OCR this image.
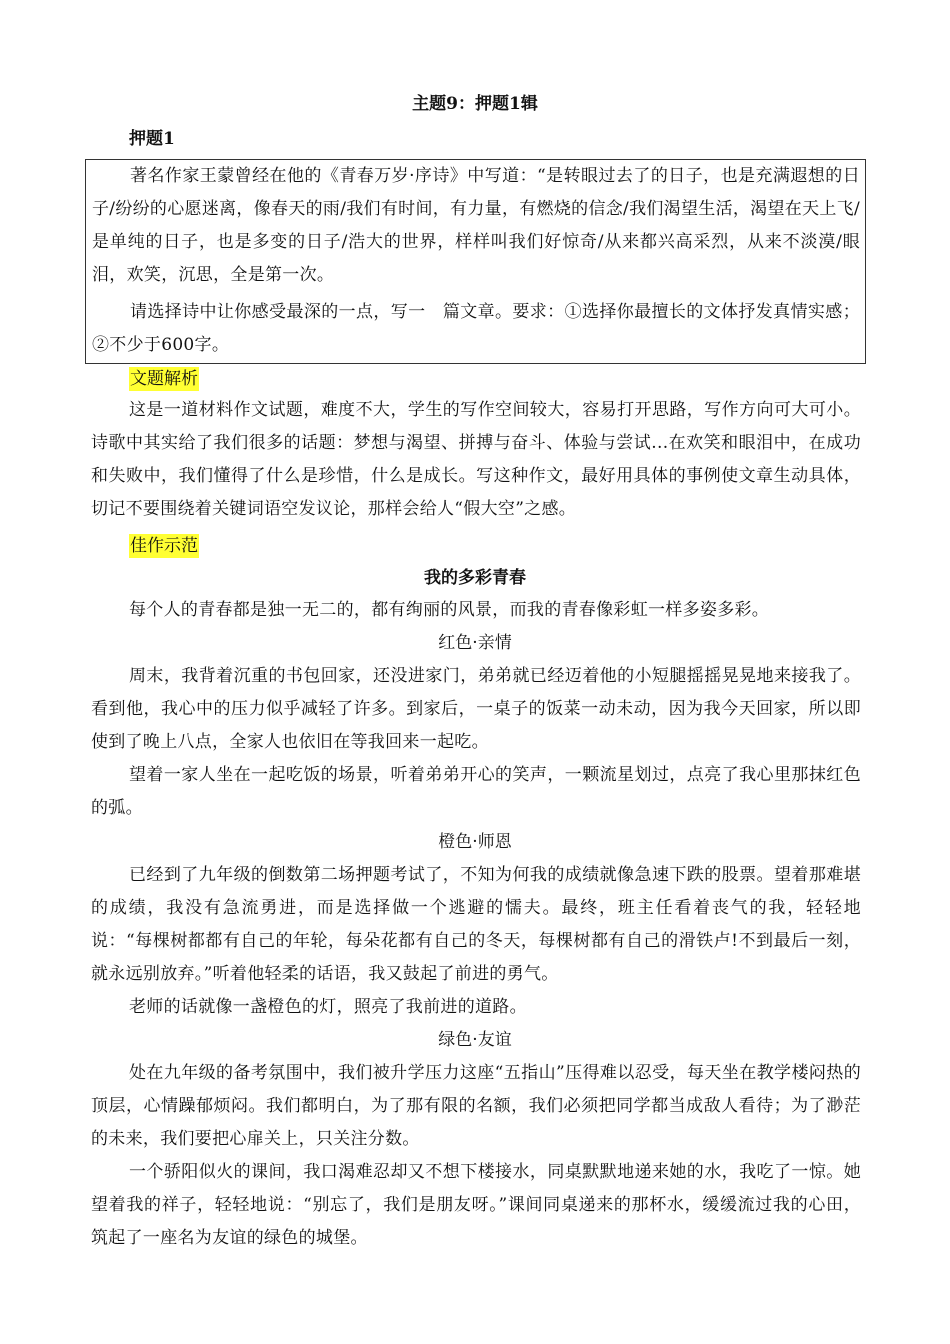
主题9：押题1辑
押题1

著名作家王蒙曾经在他的《青春万岁·序诗》中写道：“是转眼过去了的日子，也是充满遐想的日子/纷纷的心愿迷离，像春天的雨/我们有时间，有力量，有燃烧的信念/我们渴望生活，渴望在天上飞/是单纯的日子，也是多变的日子/浩大的世界，样样叫我们好惊奇/从来都兴高采烈，从来不淡漠/眼泪，欢笑，沉思，全是第一次。

请选择诗中让你感受最深的一点，写一　篇文章。要求：①选择你最擅长的文体抒发真情实感；②不少于600字。

文题解析

这是一道材料作文试题，难度不大，学生的写作空间较大，容易打开思路，写作方向可大可小。诗歌中其实给了我们很多的话题：梦想与渴望、拼搏与奋斗、体验与尝试...在欢笑和眼泪中，在成功和失败中，我们懂得了什么是珍惜，什么是成长。写这种作文，最好用具体的事例使文章生动具体，切记不要围绕着关键词语空发议论，那样会给人“假大空”之感。

佳作示范
我的多彩青春

每个人的青春都是独一无二的，都有绚丽的风景，而我的青春像彩虹一样多姿多彩。

红色·亲情

周末，我背着沉重的书包回家，还没进家门，弟弟就已经迈着他的小短腿摇摇晃晃地来接我了。看到他，我心中的压力似乎减轻了许多。到家后，一桌子的饭菜一动未动，因为我今天回家，所以即使到了晚上八点，全家人也依旧在等我回来一起吃。

望着一家人坐在一起吃饭的场景，听着弟弟开心的笑声，一颗流星划过，点亮了我心里那抹红色的弧。

橙色·师恩

已经到了九年级的倒数第二场押题考试了，不知为何我的成绩就像急速下跌的股票。望着那难堪的成绩，我没有急流勇进，而是选择做一个逃避的懦夫。最终，班主任看着丧气的我，轻轻地说：“每棵树都都有自己的年轮，每朵花都有自己的冬天，每棵树都有自己的滑铁卢!不到最后一刻，就永远别放弃。”听着他轻柔的话语，我又鼓起了前进的勇气。

老师的话就像一盏橙色的灯，照亮了我前进的道路。

绿色·友谊

处在九年级的备考氛围中，我们被升学压力这座“五指山”压得难以忍受，每天坐在教学楼闷热的顶层，心情躁郁烦闷。我们都明白，为了那有限的名额，我们必须把同学都当成敌人看待；为了渺茫的未来，我们要把心扉关上，只关注分数。

一个骄阳似火的课间，我口渴难忍却又不想下楼接水，同桌默默地递来她的水，我吃了一惊。她望着我的祥子，轻轻地说：“别忘了，我们是朋友呀。”课间同桌递来的那杯水，缓缓流过我的心田，筑起了一座名为友谊的绿色的城堡。
